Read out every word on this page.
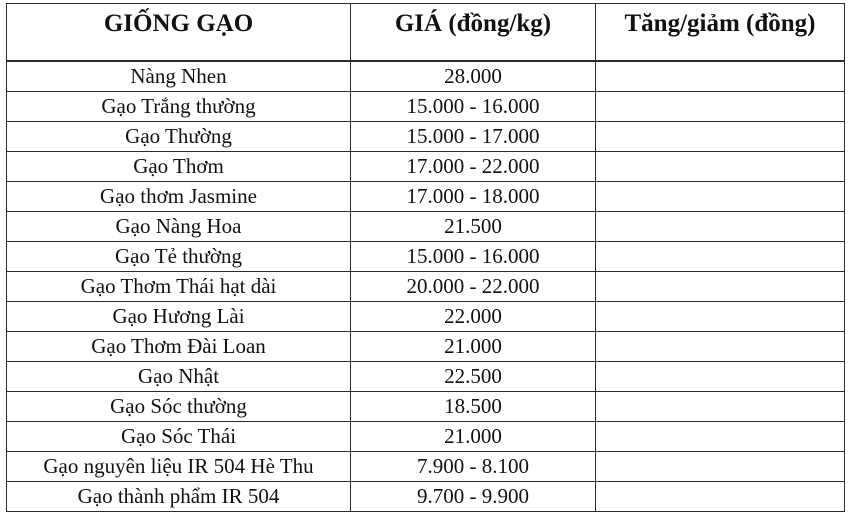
GIỐNG GẠO	GIÁ (đồng/kg)	Tăng/giảm (đồng)
Nàng Nhen	28.000	
Gạo Trắng thường	15.000 - 16.000	
Gạo Thường	15.000 - 17.000	
Gạo Thơm	17.000 - 22.000	
Gạo thơm Jasmine	17.000 - 18.000	
Gạo Nàng Hoa	21.500	
Gạo Tẻ thường	15.000 - 16.000	
Gạo Thơm Thái hạt dài	20.000 - 22.000	
Gạo Hương Lài	22.000	
Gạo Thơm Đài Loan	21.000	
Gạo Nhật	22.500	
Gạo Sóc thường	18.500	
Gạo Sóc Thái	21.000	
Gạo nguyên liệu IR 504 Hè Thu	7.900 - 8.100	
Gạo thành phẩm IR 504	9.700 - 9.900	
